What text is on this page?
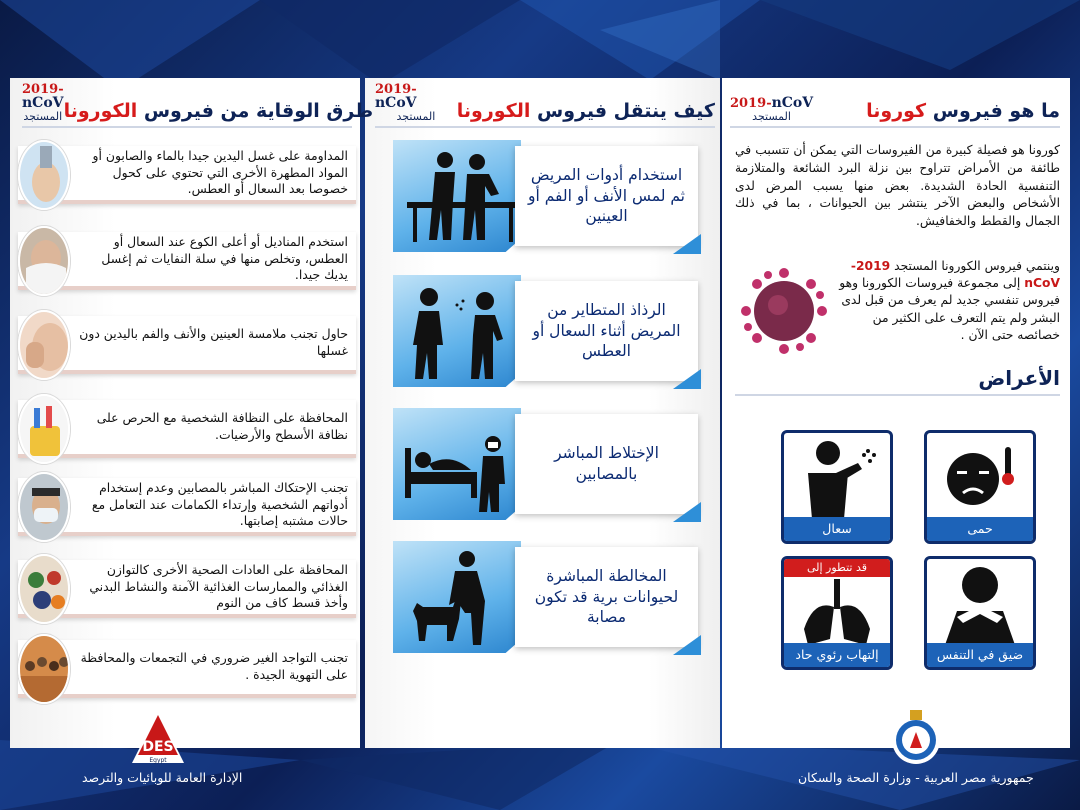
2019-nCoV
المستجد	طرق الوقاية من فيروس الكورونا
2019-nCoV
المستجد	كيف ينتقل فيروس الكورونا	2019-nCoV
المستجد	ما هو فيروس كورونا
المداومة على غسل اليدين جيدا بالماء والصابون أو المواد المطهرة الأخرى التي تحتوي على كحول خصوصا بعد السعال أو العطس.
استخدم المناديل أو أعلى الكوع عند السعال أو العطس، وتخلص منها في سلة النفايات ثم إغسل يديك جيدا.
حاول تجنب ملامسة العينين والأنف والفم باليدين دون غسلها
المحافظة على النظافة الشخصية مع الحرص على نظافة الأسطح والأرضيات.
تجنب الإحتكاك المباشر بالمصابين وعدم إستخدام أدواتهم الشخصية وإرتداء الكمامات عند التعامل مع حالات مشتبه إصابتها.
المحافظة على العادات الصحية الأخرى كالتوازن الغذائي والممارسات الغذائية الآمنة والنشاط البدني وأخذ قسط كاف من النوم
تجنب التواجد الغير ضروري في التجمعات والمحافظة على التهوية الجيدة .
استخدام أدوات المريض ثم لمس الأنف أو الفم أو العينين
الرذاذ المتطاير من المريض أثناء السعال أو العطس
الإختلاط المباشر بالمصابين
المخالطة المباشرة لحيوانات برية قد تكون مصابة
كورونا هو فصيلة كبيرة من الفيروسات التي يمكن أن تتسبب في طائفة من الأمراض تتراوح بين نزلة البرد الشائعة والمتلازمة التنفسية الحادة الشديدة. بعض منها يسبب المرض لدى الأشخاص والبعض الآخر ينتشر بين الحيوانات ، بما في ذلك الجمال والقطط والخفافيش.
وينتمي فيروس الكورونا المستجد 2019-nCoV إلى مجموعة فيروسات الكورونا وهو فيروس تنفسي جديد لم يعرف من قبل لدى البشر ولم يتم التعرف على الكثير من خصائصه حتى الآن .
الأعراض
حمى
سعال
ضيق في التنفس
قد تتطور إلى
إلتهاب رئوي حاد
DES
Egypt
الإدارة العامة للوبائيات والترصد	جمهورية مصر العربية - وزارة الصحة والسكان
